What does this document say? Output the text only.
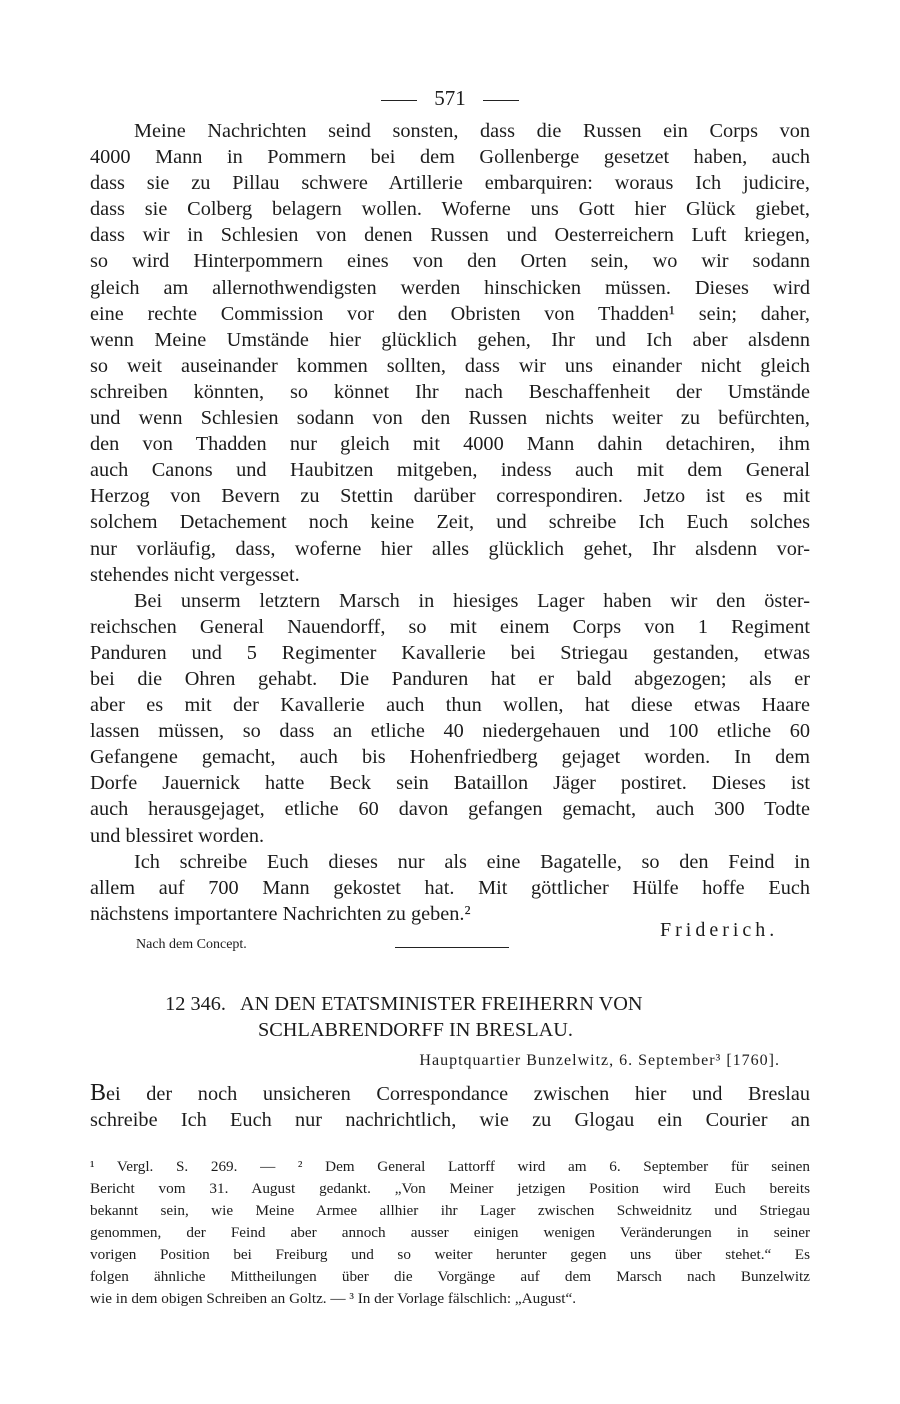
571
Meine Nachrichten seind sonsten, dass die Russen ein Corps von
4000 Mann in Pommern bei dem Gollenberge gesetzet haben, auch
dass sie zu Pillau schwere Artillerie embarquiren: woraus Ich judicire,
dass sie Colberg belagern wollen. Woferne uns Gott hier Glück giebet,
dass wir in Schlesien von denen Russen und Oesterreichern Luft kriegen,
so wird Hinterpommern eines von den Orten sein, wo wir sodann
gleich am allernothwendigsten werden hinschicken müssen. Dieses wird
eine rechte Commission vor den Obristen von Thadden¹ sein; daher,
wenn Meine Umstände hier glücklich gehen, Ihr und Ich aber alsdenn
so weit auseinander kommen sollten, dass wir uns einander nicht gleich
schreiben könnten, so könnet Ihr nach Beschaffenheit der Umstände
und wenn Schlesien sodann von den Russen nichts weiter zu befürchten,
den von Thadden nur gleich mit 4000 Mann dahin detachiren, ihm
auch Canons und Haubitzen mitgeben, indess auch mit dem General
Herzog von Bevern zu Stettin darüber correspondiren. Jetzo ist es mit
solchem Detachement noch keine Zeit, und schreibe Ich Euch solches
nur vorläufig, dass, woferne hier alles glücklich gehet, Ihr alsdenn vor-
stehendes nicht vergesset.
Bei unserm letztern Marsch in hiesiges Lager haben wir den öster-
reichschen General Nauendorff, so mit einem Corps von 1 Regiment
Panduren und 5 Regimenter Kavallerie bei Striegau gestanden, etwas
bei die Ohren gehabt. Die Panduren hat er bald abgezogen; als er
aber es mit der Kavallerie auch thun wollen, hat diese etwas Haare
lassen müssen, so dass an etliche 40 niedergehauen und 100 etliche 60
Gefangene gemacht, auch bis Hohenfriedberg gejaget worden. In dem
Dorfe Jauernick hatte Beck sein Bataillon Jäger postiret. Dieses ist
auch herausgejaget, etliche 60 davon gefangen gemacht, auch 300 Todte
und blessiret worden.
Ich schreibe Euch dieses nur als eine Bagatelle, so den Feind in
allem auf 700 Mann gekostet hat. Mit göttlicher Hülfe hoffe Euch
nächstens importantere Nachrichten zu geben.²
Nach dem Concept.
Friderich.
12 346. AN DEN ETATSMINISTER FREIHERRN VON
SCHLABRENDORFF IN BRESLAU.
Hauptquartier Bunzelwitz, 6. September³ [1760].
Bei der noch unsicheren Correspondance zwischen hier und Breslau
schreibe Ich Euch nur nachrichtlich, wie zu Glogau ein Courier an
¹ Vergl. S. 269. — ² Dem General Lattorff wird am 6. September für seinen
Bericht vom 31. August gedankt. „Von Meiner jetzigen Position wird Euch bereits
bekannt sein, wie Meine Armee allhier ihr Lager zwischen Schweidnitz und Striegau
genommen, der Feind aber annoch ausser einigen wenigen Veränderungen in seiner
vorigen Position bei Freiburg und so weiter herunter gegen uns über stehet.“ Es
folgen ähnliche Mittheilungen über die Vorgänge auf dem Marsch nach Bunzelwitz
wie in dem obigen Schreiben an Goltz. — ³ In der Vorlage fälschlich: „August“.
